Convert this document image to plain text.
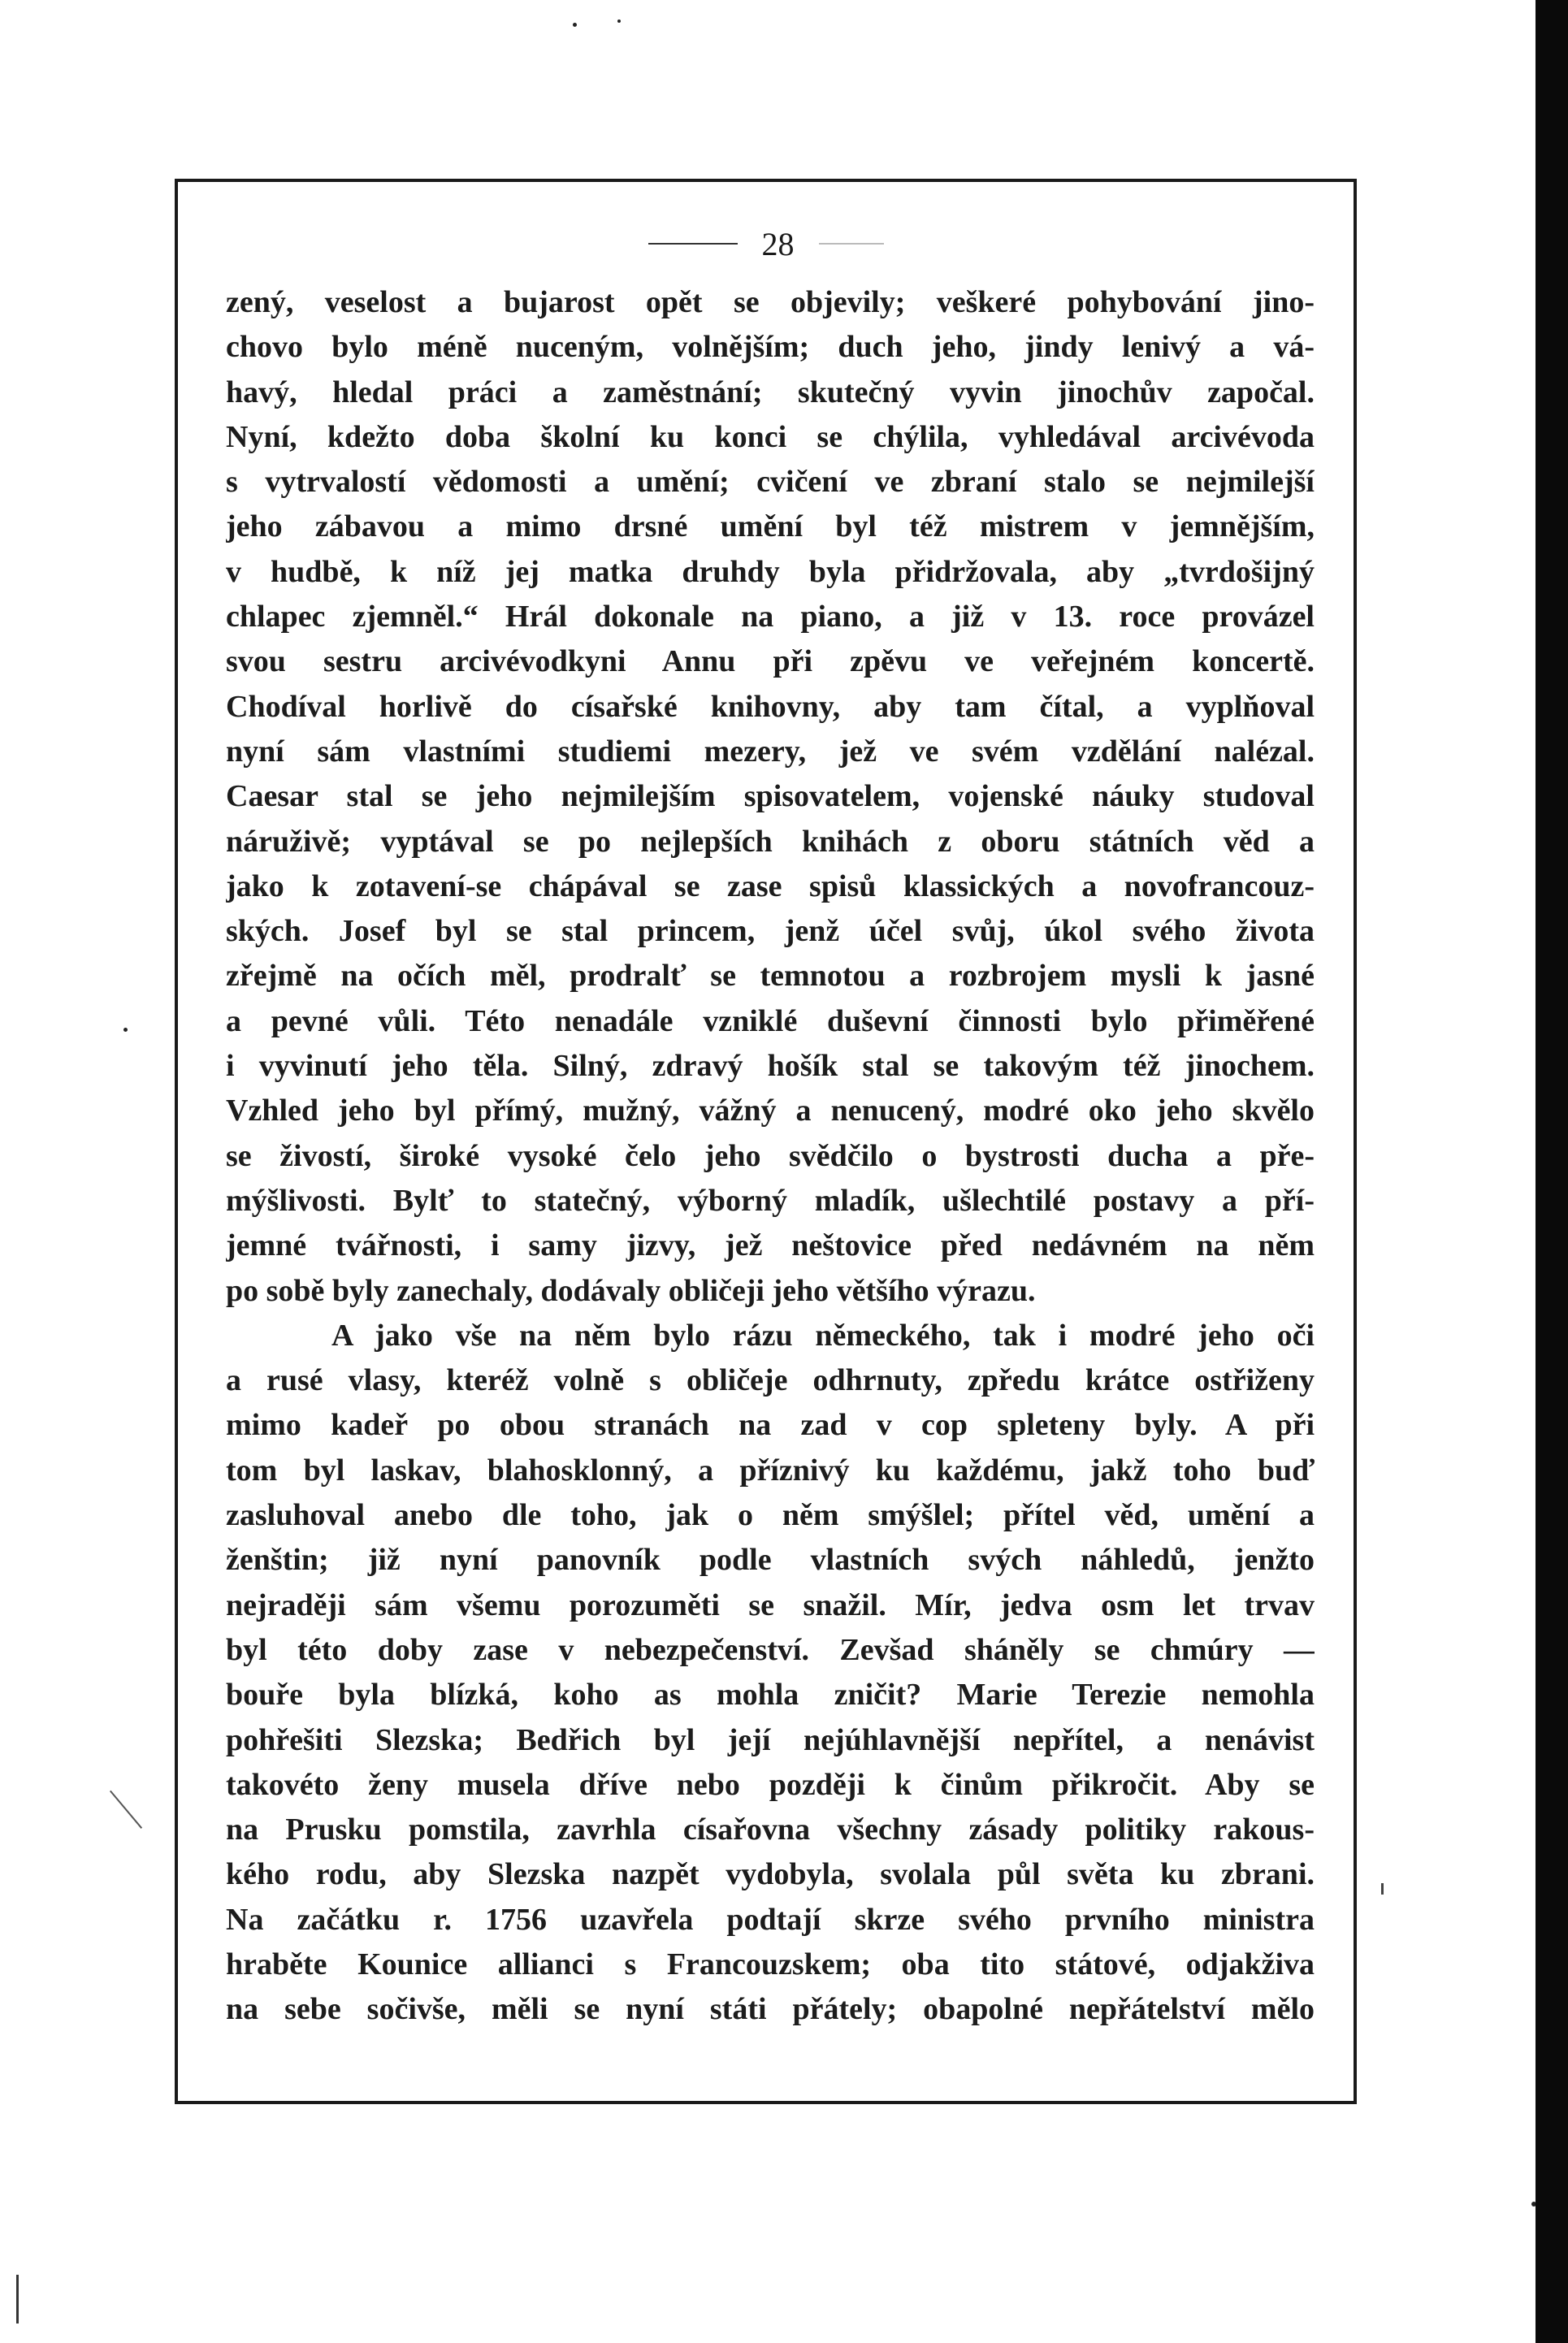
28
zený, veselost a bujarost opět se objevily; veškeré pohybování jino-
chovo bylo méně nuceným, volnějším; duch jeho, jindy lenivý a vá-
havý, hledal práci a zaměstnání; skutečný vyvin jinochův započal.
Nyní, kdežto doba školní ku konci se chýlila, vyhledával arcivévoda
s vytrvalostí vědomosti a umění; cvičení ve zbraní stalo se nejmilejší
jeho zábavou a mimo drsné umění byl též mistrem v jemnějším,
v hudbě, k níž jej matka druhdy byla přidržovala, aby „tvrdošijný
chlapec zjemněl.“ Hrál dokonale na piano, a již v 13. roce provázel
svou sestru arcivévodkyni Annu při zpěvu ve veřejném koncertě.
Chodíval horlivě do císařské knihovny, aby tam čítal, a vyplňoval
nyní sám vlastními studiemi mezery, jež ve svém vzdělání nalézal.
Caesar stal se jeho nejmilejším spisovatelem, vojenské náuky studoval
náruživě; vyptával se po nejlepších knihách z oboru státních věd a
jako k zotavení-se chápával se zase spisů klassických a novofrancouz-
ských. Josef byl se stal princem, jenž účel svůj, úkol svého života
zřejmě na očích měl, prodralť se temnotou a rozbrojem mysli k jasné
a pevné vůli. Této nenadále vzniklé duševní činnosti bylo přiměřené
i vyvinutí jeho těla. Silný, zdravý hošík stal se takovým též jinochem.
Vzhled jeho byl přímý, mužný, vážný a nenucený, modré oko jeho skvělo
se živostí, široké vysoké čelo jeho svědčilo o bystrosti ducha a pře-
mýšlivosti. Bylť to statečný, výborný mladík, ušlechtilé postavy a pří-
jemné tvářnosti, i samy jizvy, jež neštovice před nedávném na něm
po sobě byly zanechaly, dodávaly obličeji jeho většího výrazu.
A jako vše na něm bylo rázu německého, tak i modré jeho oči
a rusé vlasy, kteréž volně s obličeje odhrnuty, zpředu krátce ostřiženy
mimo kadeř po obou stranách na zad v cop spleteny byly. A při
tom byl laskav, blahosklonný, a příznivý ku každému, jakž toho buď
zasluhoval anebo dle toho, jak o něm smýšlel; přítel věd, umění a
ženštin; již nyní panovník podle vlastních svých náhledů, jenžto
nejraději sám všemu porozuměti se snažil. Mír, jedva osm let trvav
byl této doby zase v nebezpečenství. Zevšad sháněly se chmúry —
bouře byla blízká, koho as mohla zničit? Marie Terezie nemohla
pohřešiti Slezska; Bedřich byl její nejúhlavnější nepřítel, a nenávist
takovéto ženy musela dříve nebo později k činům přikročit. Aby se
na Prusku pomstila, zavrhla císařovna všechny zásady politiky rakous-
kého rodu, aby Slezska nazpět vydobyla, svolala půl světa ku zbrani.
Na začátku r. 1756 uzavřela podtají skrze svého prvního ministra
hraběte Kounice allianci s Francouzskem; oba tito státové, odjakživa
na sebe sočivše, měli se nyní státi přátely; obapolné nepřátelství mělo
